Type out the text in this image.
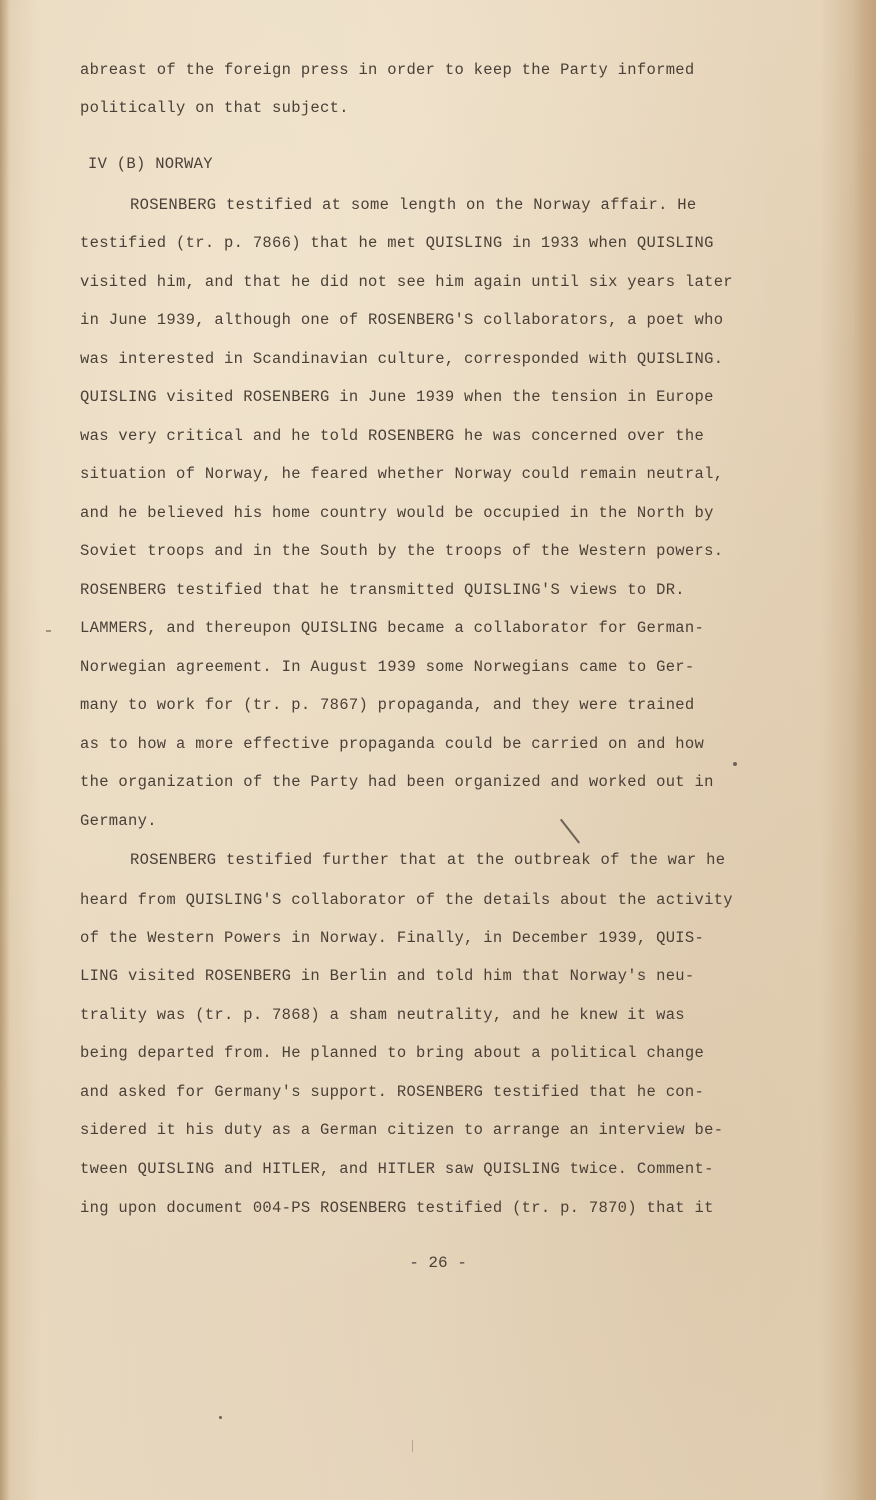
abreast of the foreign press in order to keep the Party informed
politically on that subject.
IV (B) NORWAY
ROSENBERG testified at some length on the Norway affair. He
testified (tr. p. 7866) that he met QUISLING in 1933 when QUISLING
visited him, and that he did not see him again until six years later
in June 1939, although one of ROSENBERG'S collaborators, a poet who
was interested in Scandinavian culture, corresponded with QUISLING.
QUISLING visited ROSENBERG in June 1939 when the tension in Europe
was very critical and he told ROSENBERG he was concerned over the
situation of Norway, he feared whether Norway could remain neutral,
and he believed his home country would be occupied in the North by
Soviet troops and in the South by the troops of the Western powers.
ROSENBERG testified that he transmitted QUISLING'S views to DR.
LAMMERS, and thereupon QUISLING became a collaborator for German-
Norwegian agreement. In August 1939 some Norwegians came to Ger-
many to work for (tr. p. 7867) propaganda, and they were trained
as to how a more effective propaganda could be carried on and how
the organization of the Party had been organized and worked out in
Germany.
ROSENBERG testified further that at the outbreak of the war he
heard from QUISLING'S collaborator of the details about the activity
of the Western Powers in Norway. Finally, in December 1939, QUIS-
LING visited ROSENBERG in Berlin and told him that Norway's neu-
trality was (tr. p. 7868) a sham neutrality, and he knew it was
being departed from. He planned to bring about a political change
and asked for Germany's support. ROSENBERG testified that he con-
sidered it his duty as a German citizen to arrange an interview be-
tween QUISLING and HITLER, and HITLER saw QUISLING twice. Comment-
ing upon document 004-PS ROSENBERG testified (tr. p. 7870) that it
- 26 -
